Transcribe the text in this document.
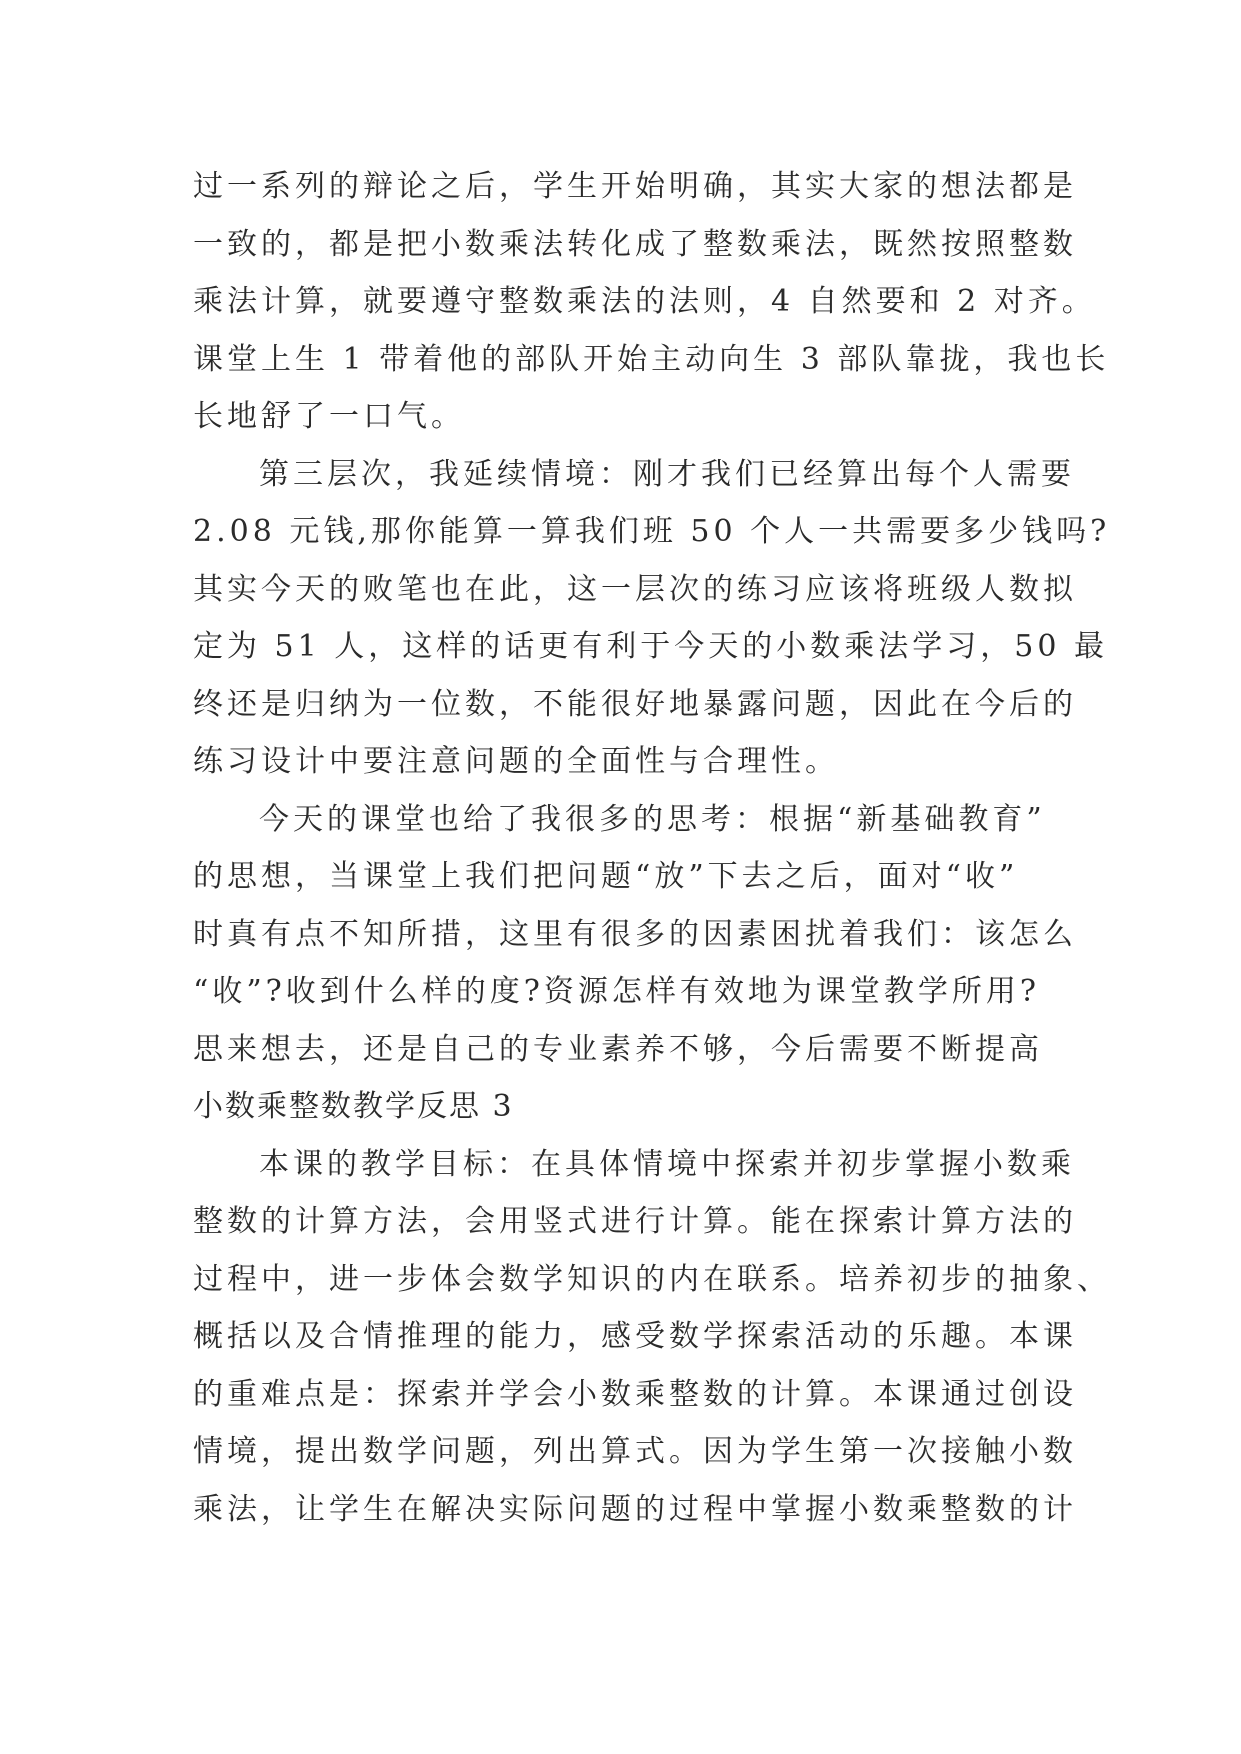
过一系列的辩论之后，学生开始明确，其实大家的想法都是
一致的，都是把小数乘法转化成了整数乘法，既然按照整数
乘法计算，就要遵守整数乘法的法则，4 自然要和 2 对齐。
课堂上生 1 带着他的部队开始主动向生 3 部队靠拢，我也长
长地舒了一口气。
第三层次，我延续情境：刚才我们已经算出每个人需要
2.08 元钱,那你能算一算我们班 50 个人一共需要多少钱吗?
其实今天的败笔也在此，这一层次的练习应该将班级人数拟
定为 51 人，这样的话更有利于今天的小数乘法学习，50 最
终还是归纳为一位数，不能很好地暴露问题，因此在今后的
练习设计中要注意问题的全面性与合理性。
今天的课堂也给了我很多的思考：根据“新基础教育”
的思想，当课堂上我们把问题“放”下去之后，面对“收”
时真有点不知所措，这里有很多的因素困扰着我们：该怎么
“收”?收到什么样的度?资源怎样有效地为课堂教学所用?
思来想去，还是自己的专业素养不够，今后需要不断提高
小数乘整数教学反思 3
本课的教学目标：在具体情境中探索并初步掌握小数乘
整数的计算方法，会用竖式进行计算。能在探索计算方法的
过程中，进一步体会数学知识的内在联系。培养初步的抽象、
概括以及合情推理的能力，感受数学探索活动的乐趣。本课
的重难点是：探索并学会小数乘整数的计算。本课通过创设
情境，提出数学问题，列出算式。因为学生第一次接触小数
乘法，让学生在解决实际问题的过程中掌握小数乘整数的计
